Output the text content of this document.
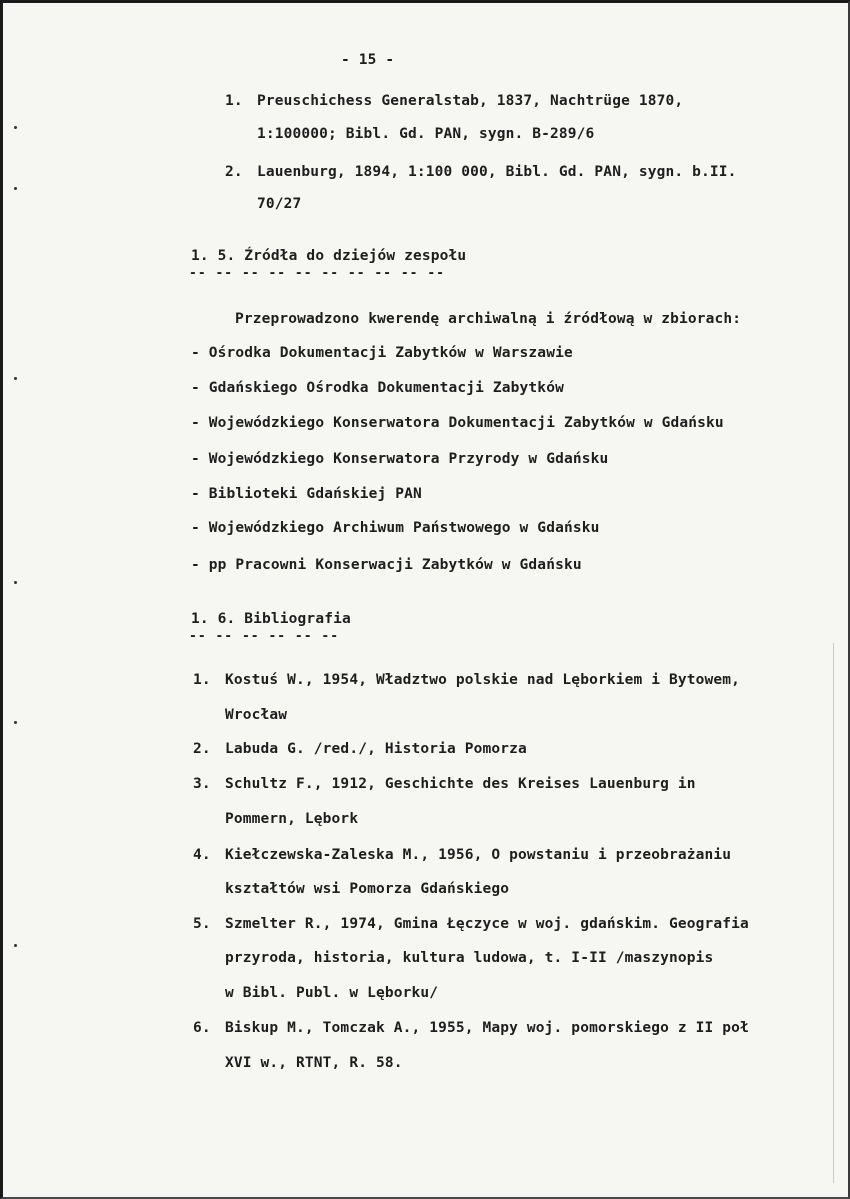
- 15 -
1. Preuschichess Generalstab, 1837, Nachtrüge 1870,
1:100000; Bibl. Gd. PAN, sygn. B-289/6
2. Lauenburg, 1894, 1:100 000, Bibl. Gd. PAN, sygn. b.II.
70/27
1. 5. Źródła do dziejów zespołu
-- -- -- -- -- -- -- -- -- --
Przeprowadzono kwerendę archiwalną i źródłową w zbiorach:
- Ośrodka Dokumentacji Zabytków w Warszawie
- Gdańskiego Ośrodka Dokumentacji Zabytków
- Wojewódzkiego Konserwatora Dokumentacji Zabytków w Gdańsku
- Wojewódzkiego Konserwatora Przyrody w Gdańsku
- Biblioteki Gdańskiej PAN
- Wojewódzkiego Archiwum Państwowego w Gdańsku
- pp Pracowni Konserwacji Zabytków w Gdańsku
1. 6. Bibliografia
-- -- -- -- -- --
1. Kostuś W., 1954, Władztwo polskie nad Lęborkiem i Bytowem,
Wrocław
2. Labuda G. /red./, Historia Pomorza
3. Schultz F., 1912, Geschichte des Kreises Lauenburg in
Pommern, Lębork
4. Kiełczewska-Zaleska M., 1956, O powstaniu i przeobrażaniu
kształtów wsi Pomorza Gdańskiego
5. Szmelter R., 1974, Gmina Łęczyce w woj. gdańskim. Geografia
przyroda, historia, kultura ludowa, t. I-II /maszynopis
w Bibl. Publ. w Lęborku/
6. Biskup M., Tomczak A., 1955, Mapy woj. pomorskiego z II poł
XVI w., RTNT, R. 58.
